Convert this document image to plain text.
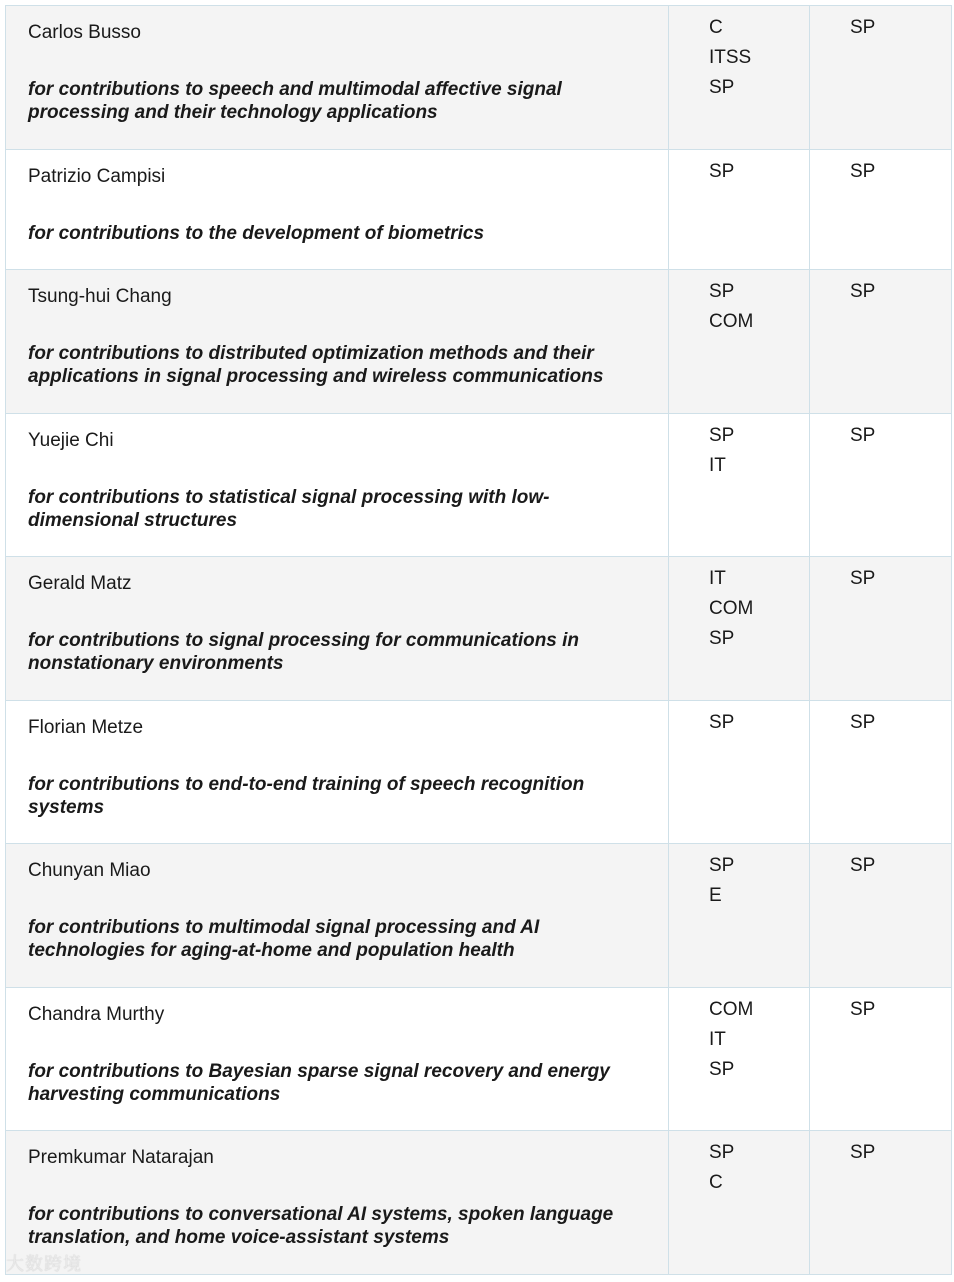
Carlos Busso

for contributions to speech and multimodal affective signal processing and their technology applications

C
ITSS
SP
SP

Patrizio Campisi

for contributions to the development of biometrics

SP	SP

Tsung-hui Chang

for contributions to distributed optimization methods and their applications in signal processing and wireless communications

SP
COM
SP

Yuejie Chi

for contributions to statistical signal processing with low-dimensional structures

SP
IT
SP

Gerald Matz

for contributions to signal processing for communications in nonstationary environments

IT
COM
SP
SP

Florian Metze

for contributions to end-to-end training of speech recognition systems

SP	SP

Chunyan Miao

for contributions to multimodal signal processing and AI technologies for aging-at-home and population health

SP
E
SP

Chandra Murthy

for contributions to Bayesian sparse signal recovery and energy harvesting communications

COM
IT
SP
SP

Premkumar Natarajan

for contributions to conversational AI systems, spoken language translation, and home voice-assistant systems

SP
C
SP
大数跨境
